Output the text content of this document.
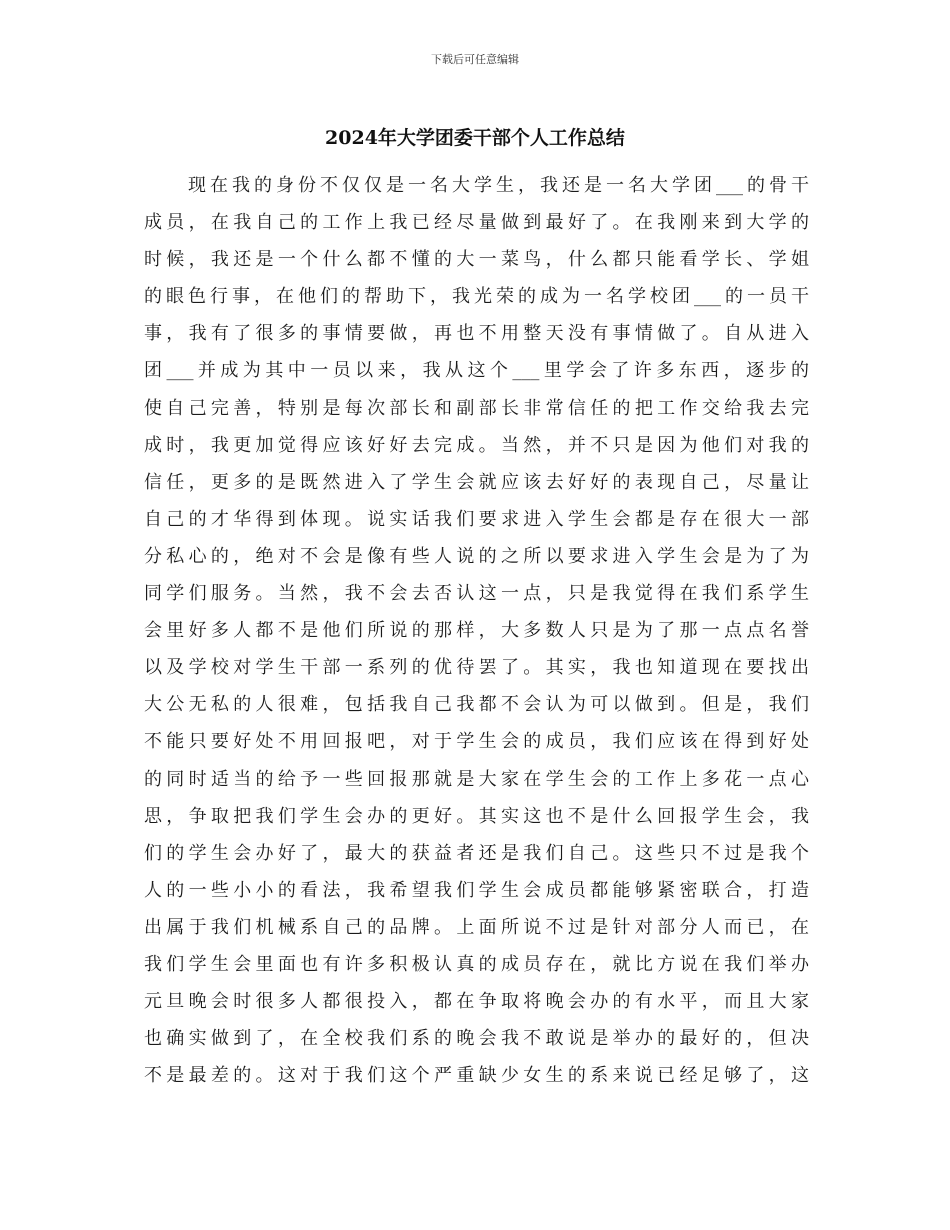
下载后可任意编辑
2024年大学团委干部个人工作总结
现在我的身份不仅仅是一名大学生，我还是一名大学团___的骨干
成员，在我自己的工作上我已经尽量做到最好了。在我刚来到大学的
时候，我还是一个什么都不懂的大一菜鸟，什么都只能看学长、学姐
的眼色行事，在他们的帮助下，我光荣的成为一名学校团___的一员干
事，我有了很多的事情要做，再也不用整天没有事情做了。自从进入
团___并成为其中一员以来，我从这个___里学会了许多东西，逐步的
使自己完善，特别是每次部长和副部长非常信任的把工作交给我去完
成时，我更加觉得应该好好去完成。当然，并不只是因为他们对我的
信任，更多的是既然进入了学生会就应该去好好的表现自己，尽量让
自己的才华得到体现。说实话我们要求进入学生会都是存在很大一部
分私心的，绝对不会是像有些人说的之所以要求进入学生会是为了为
同学们服务。当然，我不会去否认这一点，只是我觉得在我们系学生
会里好多人都不是他们所说的那样，大多数人只是为了那一点点名誉
以及学校对学生干部一系列的优待罢了。其实，我也知道现在要找出
大公无私的人很难，包括我自己我都不会认为可以做到。但是，我们
不能只要好处不用回报吧，对于学生会的成员，我们应该在得到好处
的同时适当的给予一些回报那就是大家在学生会的工作上多花一点心
思，争取把我们学生会办的更好。其实这也不是什么回报学生会，我
们的学生会办好了，最大的获益者还是我们自己。这些只不过是我个
人的一些小小的看法，我希望我们学生会成员都能够紧密联合，打造
出属于我们机械系自己的品牌。上面所说不过是针对部分人而已，在
我们学生会里面也有许多积极认真的成员存在，就比方说在我们举办
元旦晚会时很多人都很投入，都在争取将晚会办的有水平，而且大家
也确实做到了，在全校我们系的晚会我不敢说是举办的最好的，但决
不是最差的。这对于我们这个严重缺少女生的系来说已经足够了，这
